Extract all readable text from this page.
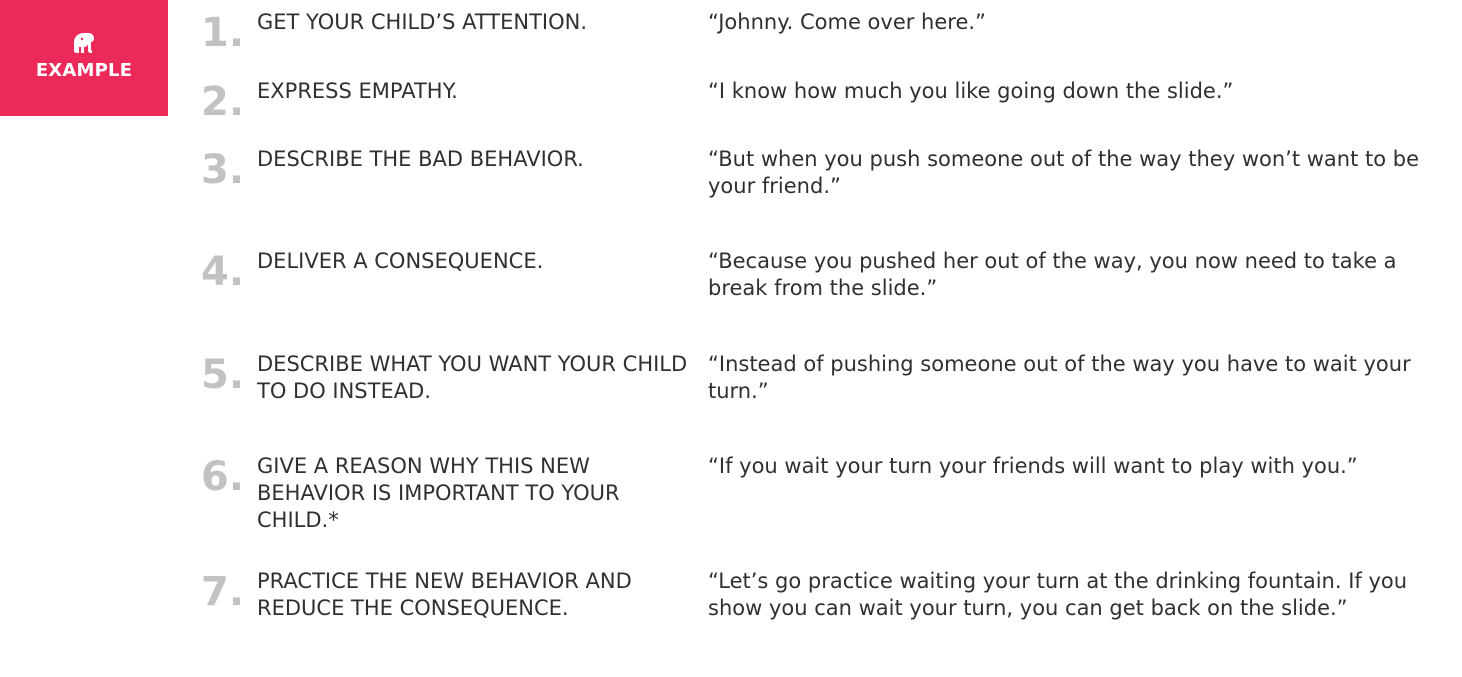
EXAMPLE
1. GET YOUR CHILD’S ATTENTION.	“Johnny. Come over here.”
2. EXPRESS EMPATHY.	“I know how much you like going down the slide.”
3. DESCRIBE THE BAD BEHAVIOR.	“But when you push someone out of the way they won’t want to be your friend.”
4. DELIVER A CONSEQUENCE.	“Because you pushed her out of the way, you now need to take a break from the slide.”
5. DESCRIBE WHAT YOU WANT YOUR CHILD TO DO INSTEAD.
“Instead of pushing someone out of the way you have to wait your turn.”
6. GIVE A REASON WHY THIS NEW BEHAVIOR IS IMPORTANT TO YOUR CHILD.*
“If you wait your turn your friends will want to play with you.”
7. PRACTICE THE NEW BEHAVIOR AND REDUCE THE CONSEQUENCE.
“Let’s go practice waiting your turn at the drinking fountain. If you show you can wait your turn, you can get back on the slide.”
